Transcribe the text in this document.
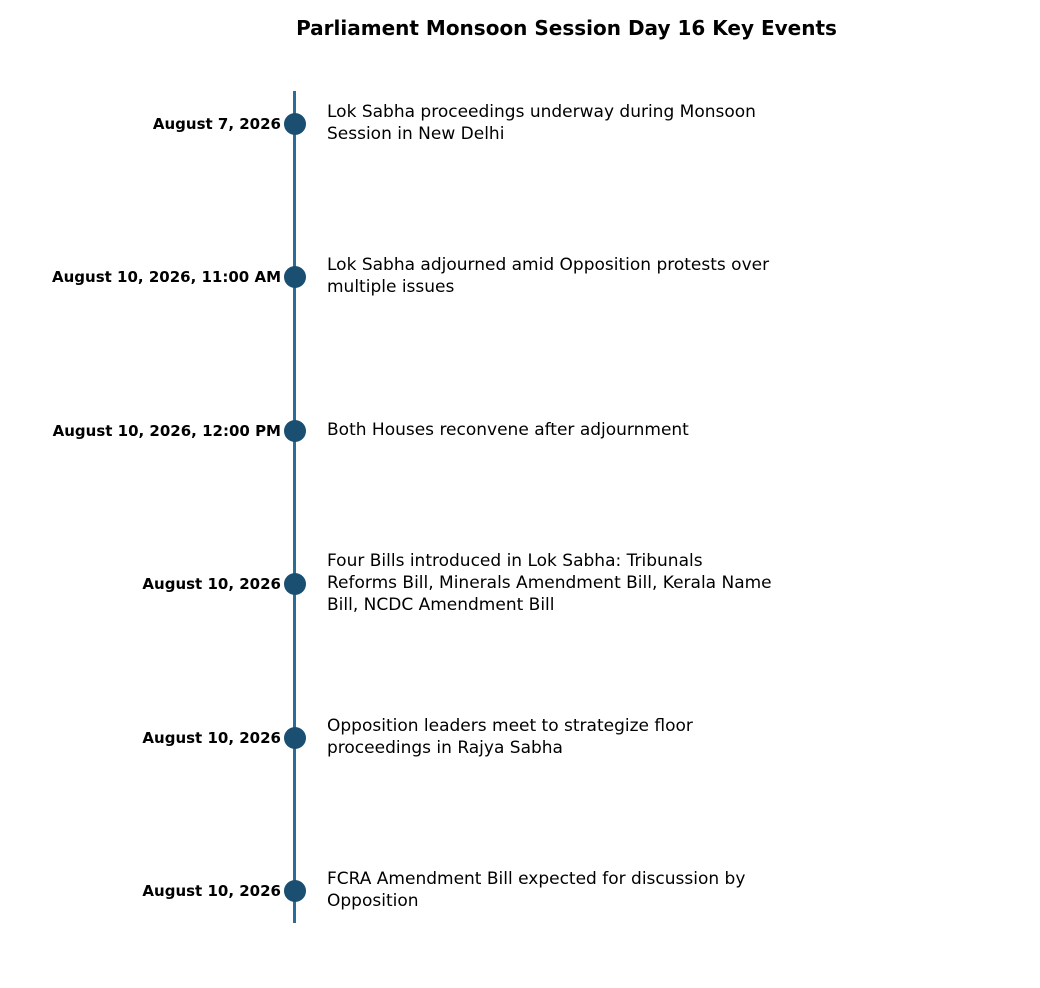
Parliament Monsoon Session Day 16 Key Events
August 7, 2026
Lok Sabha proceedings underway during Monsoon
Session in New Delhi
August 10, 2026, 11:00 AM
Lok Sabha adjourned amid Opposition protests over
multiple issues
August 10, 2026, 12:00 PM	Both Houses reconvene after adjournment
August 10, 2026
Four Bills introduced in Lok Sabha: Tribunals
Reforms Bill, Minerals Amendment Bill, Kerala Name
Bill, NCDC Amendment Bill
August 10, 2026
Opposition leaders meet to strategize floor
proceedings in Rajya Sabha
August 10, 2026
FCRA Amendment Bill expected for discussion by
Opposition
